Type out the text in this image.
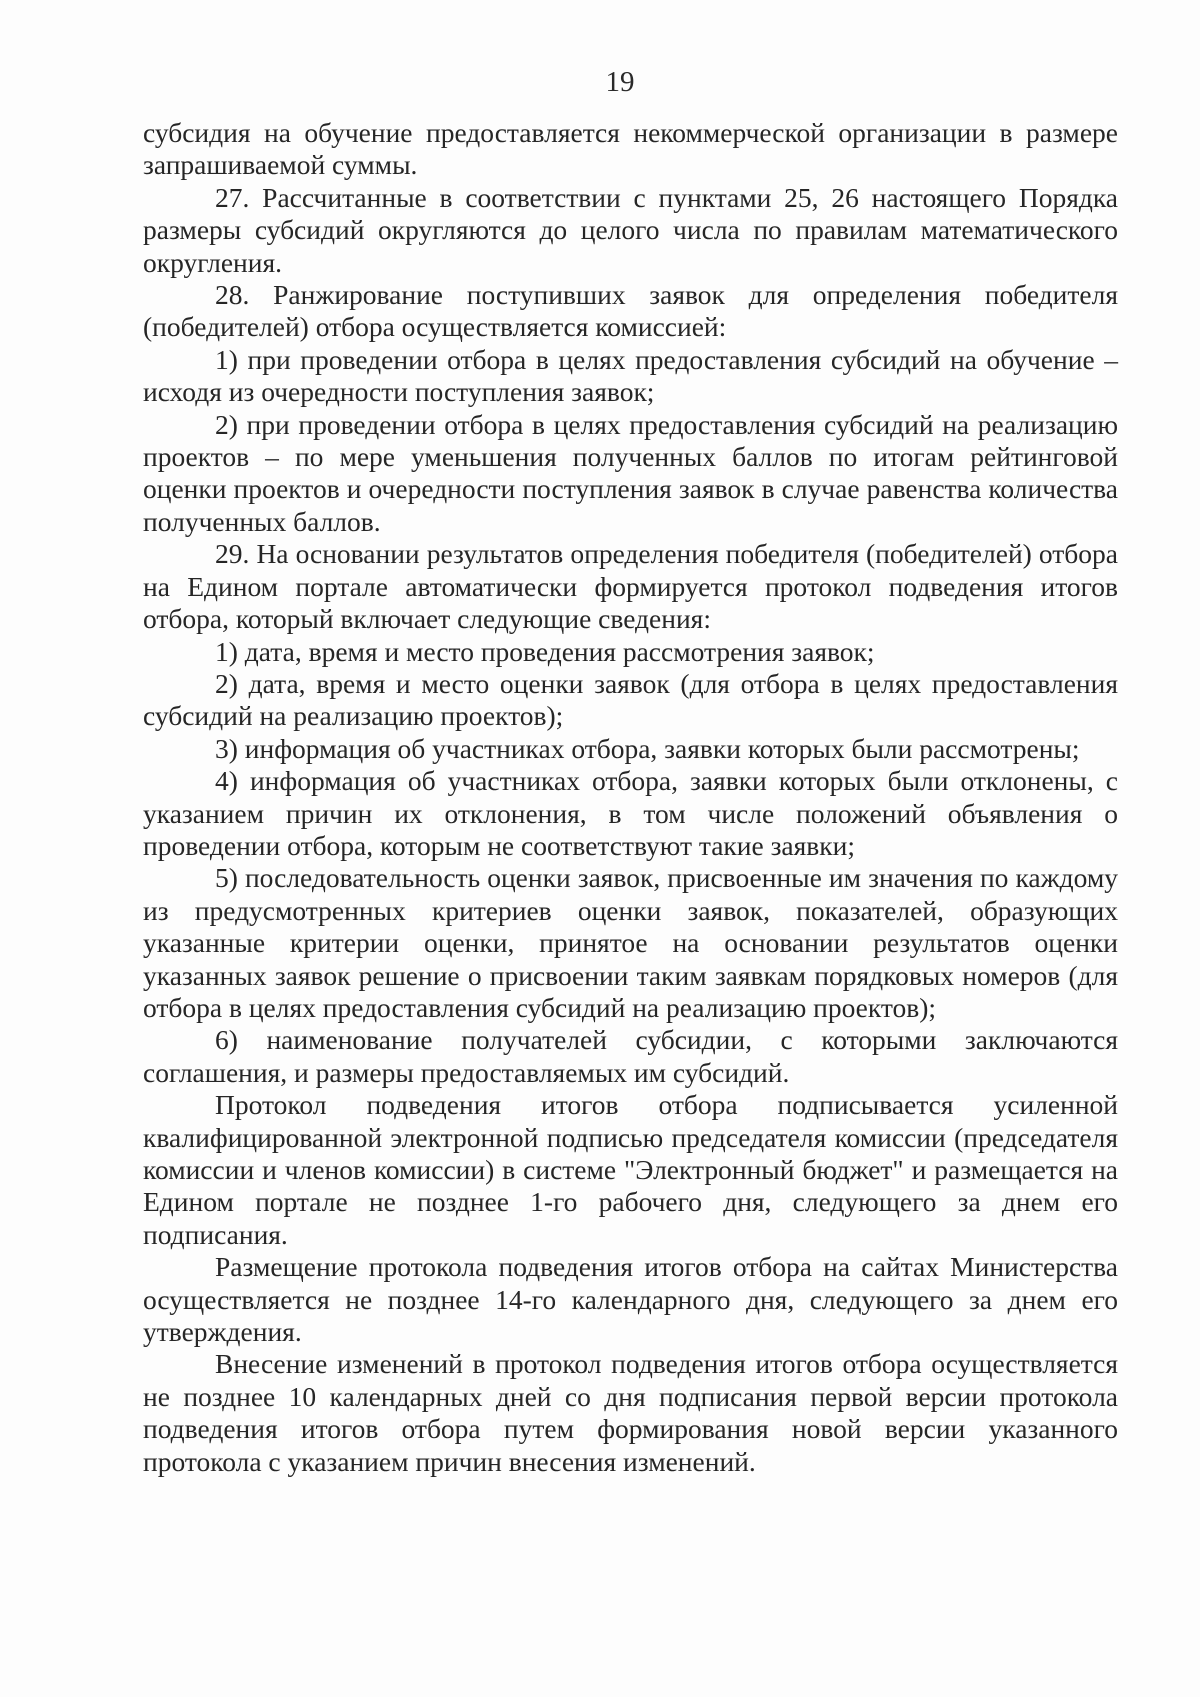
19

субсидия на обучение предоставляется некоммерческой организации в размере запрашиваемой суммы.

27. Рассчитанные в соответствии с пунктами 25, 26 настоящего Порядка размеры субсидий округляются до целого числа по правилам математического округления.

28. Ранжирование поступивших заявок для определения победителя (победителей) отбора осуществляется комиссией:

1) при проведении отбора в целях предоставления субсидий на обучение – исходя из очередности поступления заявок;

2) при проведении отбора в целях предоставления субсидий на реализацию проектов – по мере уменьшения полученных баллов по итогам рейтинговой оценки проектов и очередности поступления заявок в случае равенства количества полученных баллов.

29. На основании результатов определения победителя (победителей) отбора на Едином портале автоматически формируется протокол подведения итогов отбора, который включает следующие сведения:

1) дата, время и место проведения рассмотрения заявок;

2) дата, время и место оценки заявок (для отбора в целях предоставления субсидий на реализацию проектов);

3) информация об участниках отбора, заявки которых были рассмотрены;

4) информация об участниках отбора, заявки которых были отклонены, с указанием причин их отклонения, в том числе положений объявления о проведении отбора, которым не соответствуют такие заявки;

5) последовательность оценки заявок, присвоенные им значения по каждому из предусмотренных критериев оценки заявок, показателей, образующих указанные критерии оценки, принятое на основании результатов оценки указанных заявок решение о присвоении таким заявкам порядковых номеров (для отбора в целях предоставления субсидий на реализацию проектов);

6) наименование получателей субсидии, с которыми заключаются соглашения, и размеры предоставляемых им субсидий.

Протокол подведения итогов отбора подписывается усиленной квалифицированной электронной подписью председателя комиссии (председателя комиссии и членов комиссии) в системе "Электронный бюджет" и размещается на Едином портале не позднее 1-го рабочего дня, следующего за днем его подписания.

Размещение протокола подведения итогов отбора на сайтах Министерства осуществляется не позднее 14-го календарного дня, следующего за днем его утверждения.

Внесение изменений в протокол подведения итогов отбора осуществляется не позднее 10 календарных дней со дня подписания первой версии протокола подведения итогов отбора путем формирования новой версии указанного протокола с указанием причин внесения изменений.
